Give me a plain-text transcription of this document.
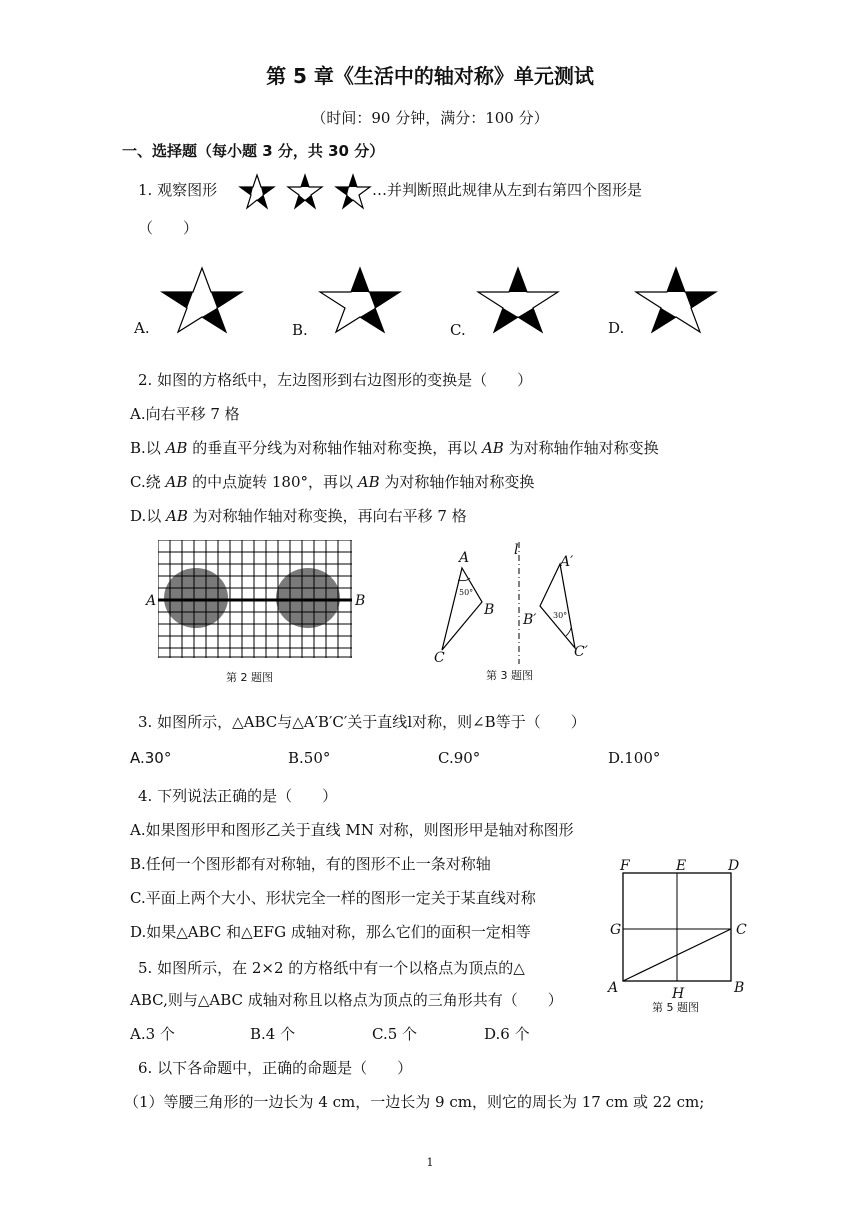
第 5 章《生活中的轴对称》单元测试
（时间：90 分钟，满分：100 分）
一、选择题（每小题 3 分，共 30 分）
1. 观察图形	…并判断照此规律从左到右第四个图形是
（　　）
A.	B.	C.	D.
2. 如图的方格纸中，左边图形到右边图形的变换是（　　）
A.向右平移 7 格
B.以 AB 的垂直平分线为对称轴作轴对称变换，再以 AB 为对称轴作轴对称变换
C.绕 AB 的中点旋转 180°，再以 AB 为对称轴作轴对称变换
D.以 AB 为对称轴作轴对称变换，再向右平移 7 格
A	B
第 2 题图
A	l
A′
50°
B
B′ 30°
C	C′
第 3 题图
3. 如图所示，△ABC与△A′B′C′关于直线l对称，则∠B等于（　　）
A.30°	B.50°	C.90°	D.100°
4. 下列说法正确的是（　　）
A.如果图形甲和图形乙关于直线 MN 对称，则图形甲是轴对称图形
B.任何一个图形都有对称轴，有的图形不止一条对称轴
C.平面上两个大小、形状完全一样的图形一定关于某直线对称
D.如果△ABC 和△EFG 成轴对称，那么它们的面积一定相等
F	E	D
G	C
A	H	B
第 5 题图
5. 如图所示，在 2×2 的方格纸中有一个以格点为顶点的△
ABC,则与△ABC 成轴对称且以格点为顶点的三角形共有（　　）
A.3 个	B.4 个	C.5 个	D.6 个
6. 以下各命题中，正确的命题是（　　）
（1）等腰三角形的一边长为 4 cm，一边长为 9 cm，则它的周长为 17 cm 或 22 cm;
1
